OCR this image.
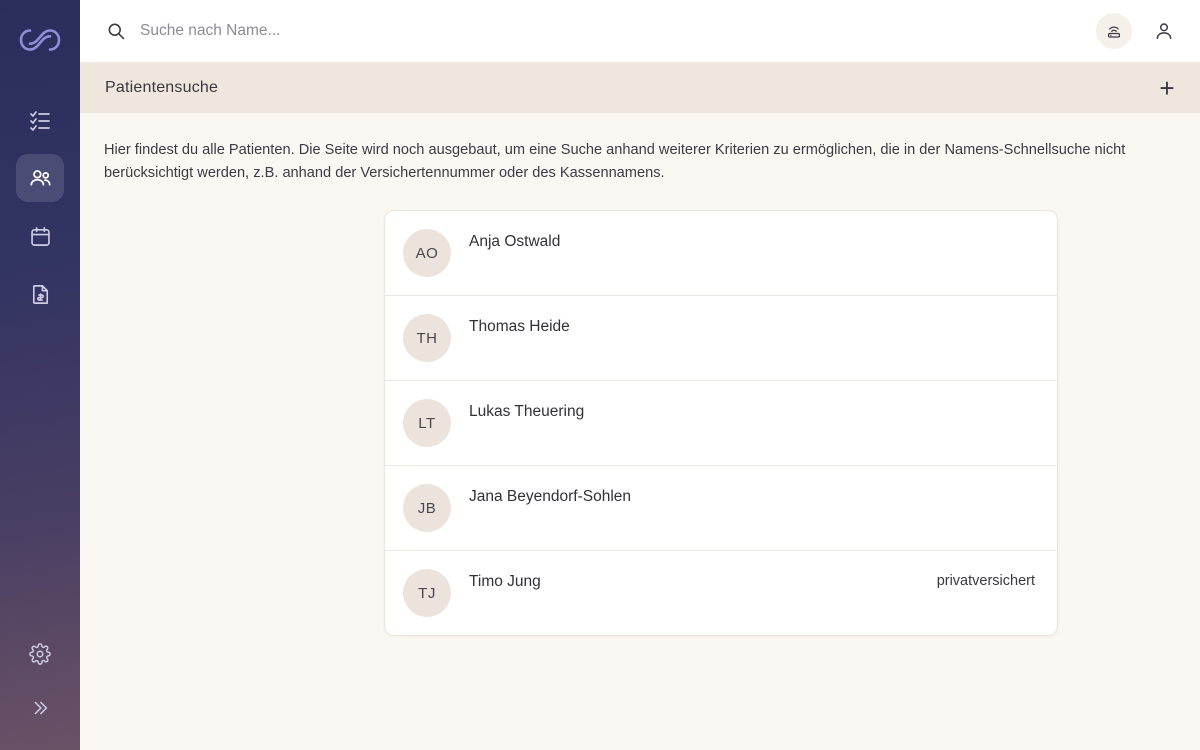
Suche nach Name...
Patientensuche	+

Hier findest du alle Patienten. Die Seite wird noch ausgebaut, um eine Suche anhand weiterer Kriterien zu ermöglichen, die in der Namens-Schnellsuche nicht berücksichtigt werden, z.B. anhand der Versichertennummer oder des Kassennamens.

AO
Anja Ostwald
TH
Thomas Heide
LT
Lukas Theuering
JB
Jana Beyendorf-Sohlen
TJ
Timo Jung	privatversichert
